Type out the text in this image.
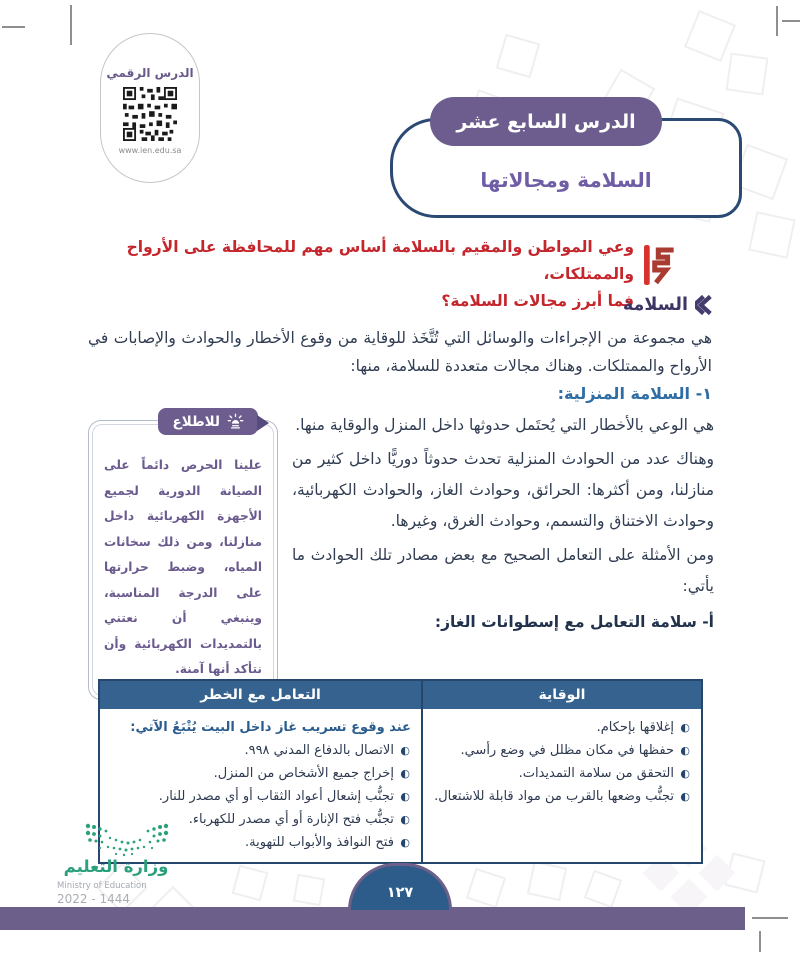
الدرس الرقمي
www.ien.edu.sa
الدرس السابع عشر
السلامة ومجالاتها
وعي المواطن والمقيم بالسلامة أساس مهم للمحافظة على الأرواح والممتلكات،
فما أبرز مجالات السلامة؟
السلامة
هي مجموعة من الإجراءات والوسائل التي تُتَّخَذ للوقاية من وقوع الأخطار والحوادث والإصابات في الأرواح والممتلكات. وهناك مجالات متعددة للسلامة، منها:
١- السلامة المنزلية:

هي الوعي بالأخطار التي يُحتَمل حدوثها داخل المنزل والوقاية منها.

وهناك عدد من الحوادث المنزلية تحدث حدوثاً دوريًّا داخل كثير من منازلنا، ومن أكثرها: الحرائق، وحوادث الغاز، والحوادث الكهربائية، وحوادث الاختناق والتسمم، وحوادث الغرق، وغيرها.

ومن الأمثلة على التعامل الصحيح مع بعض مصادر تلك الحوادث ما يأتي:

أ- سلامة التعامل مع إسطوانات الغاز:
للاطلاع
علينا الحرص دائماً على الصيانة الدورية لجميع الأجهزة الكهربائية داخل منازلنا، ومن ذلك سخانات المياه، وضبط حرارتها على الدرجة المناسبة، وينبغي أن نعتني بالتمديدات الكهربائية وأن نتأكد أنها آمنة.
الوقاية
التعامل مع الخطر
◐ إغلاقها بإحكام.
◐ حفظها في مكان مظلل في وضع رأسي.
◐ التحقق من سلامة التمديدات.
◐ تجنُّب وضعها بالقرب من مواد قابلة للاشتعال.
عند وقوع تسريب غاز داخل البيت يُتْبَعُ الآتي:
◐ الاتصال بالدفاع المدني ٩٩٨.
◐ إخراج جميع الأشخاص من المنزل.
◐ تجنُّب إشعال أعواد الثقاب أو أي مصدر للنار.
◐ تجنُّب فتح الإنارة أو أي مصدر للكهرباء.
◐ فتح النوافذ والأبواب للتهوية.
وزارة التعليم
Ministry of Education
2022 - 1444	١٢٧
